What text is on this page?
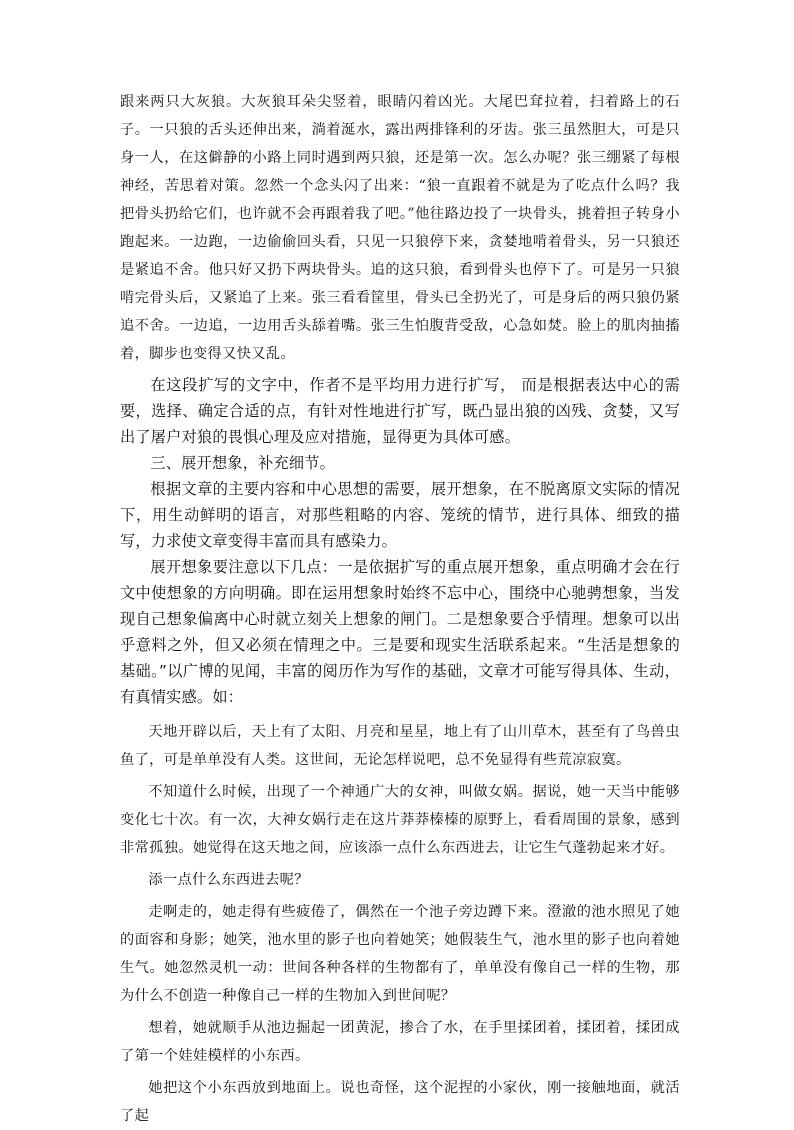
跟来两只大灰狼。大灰狼耳朵尖竖着，眼睛闪着凶光。大尾巴耷拉着，扫着路上的石子。一只狼的舌头还伸出来，淌着涎水，露出两排锋利的牙齿。张三虽然胆大，可是只身一人，在这僻静的小路上同时遇到两只狼，还是第一次。怎么办呢？张三绷紧了每根神经，苦思着对策。忽然一个念头闪了出来：“狼一直跟着不就是为了吃点什么吗？我把骨头扔给它们，也许就不会再跟着我了吧。”他往路边投了一块骨头，挑着担子转身小跑起来。一边跑，一边偷偷回头看，只见一只狼停下来，贪婪地啃着骨头，另一只狼还是紧追不舍。他只好又扔下两块骨头。追的这只狼，看到骨头也停下了。可是另一只狼啃完骨头后，又紧追了上来。张三看看筐里，骨头已全扔光了，可是身后的两只狼仍紧追不舍。一边追，一边用舌头舔着嘴。张三生怕腹背受敌，心急如焚。脸上的肌肉抽搐着，脚步也变得又快又乱。

在这段扩写的文字中，作者不是平均用力进行扩写， 而是根据表达中心的需要，选择、确定合适的点，有针对性地进行扩写，既凸显出狼的凶残、贪婪，又写出了屠户对狼的畏惧心理及应对措施，显得更为具体可感。

三、展开想象，补充细节。

根据文章的主要内容和中心思想的需要，展开想象，在不脱离原文实际的情况下，用生动鲜明的语言，对那些粗略的内容、笼统的情节，进行具体、细致的描写，力求使文章变得丰富而具有感染力。

展开想象要注意以下几点：一是依据扩写的重点展开想象，重点明确才会在行文中使想象的方向明确。即在运用想象时始终不忘中心，围绕中心驰骋想象，当发现自己想象偏离中心时就立刻关上想象的闸门。二是想象要合乎情理。想象可以出乎意料之外，但又必须在情理之中。三是要和现实生活联系起来。“生活是想象的基础。”以广博的见闻，丰富的阅历作为写作的基础，文章才可能写得具体、生动，有真情实感。如：

天地开辟以后，天上有了太阳、月亮和星星，地上有了山川草木，甚至有了鸟兽虫鱼了，可是单单没有人类。这世间，无论怎样说吧，总不免显得有些荒凉寂寞。

不知道什么时候，出现了一个神通广大的女神，叫做女娲。据说，她一天当中能够变化七十次。有一次，大神女娲行走在这片莽莽榛榛的原野上，看看周围的景象，感到非常孤独。她觉得在这天地之间，应该添一点什么东西进去，让它生气蓬勃起来才好。

添一点什么东西进去呢？

走啊走的，她走得有些疲倦了，偶然在一个池子旁边蹲下来。澄澈的池水照见了她的面容和身影；她笑，池水里的影子也向着她笑；她假装生气，池水里的影子也向着她生气。她忽然灵机一动：世间各种各样的生物都有了，单单没有像自己一样的生物，那为什么不创造一种像自己一样的生物加入到世间呢？

想着，她就顺手从池边掘起一团黄泥，掺合了水，在手里揉团着，揉团着，揉团成了第一个娃娃模样的小东西。

她把这个小东西放到地面上。说也奇怪，这个泥捏的小家伙，刚一接触地面，就活了起
